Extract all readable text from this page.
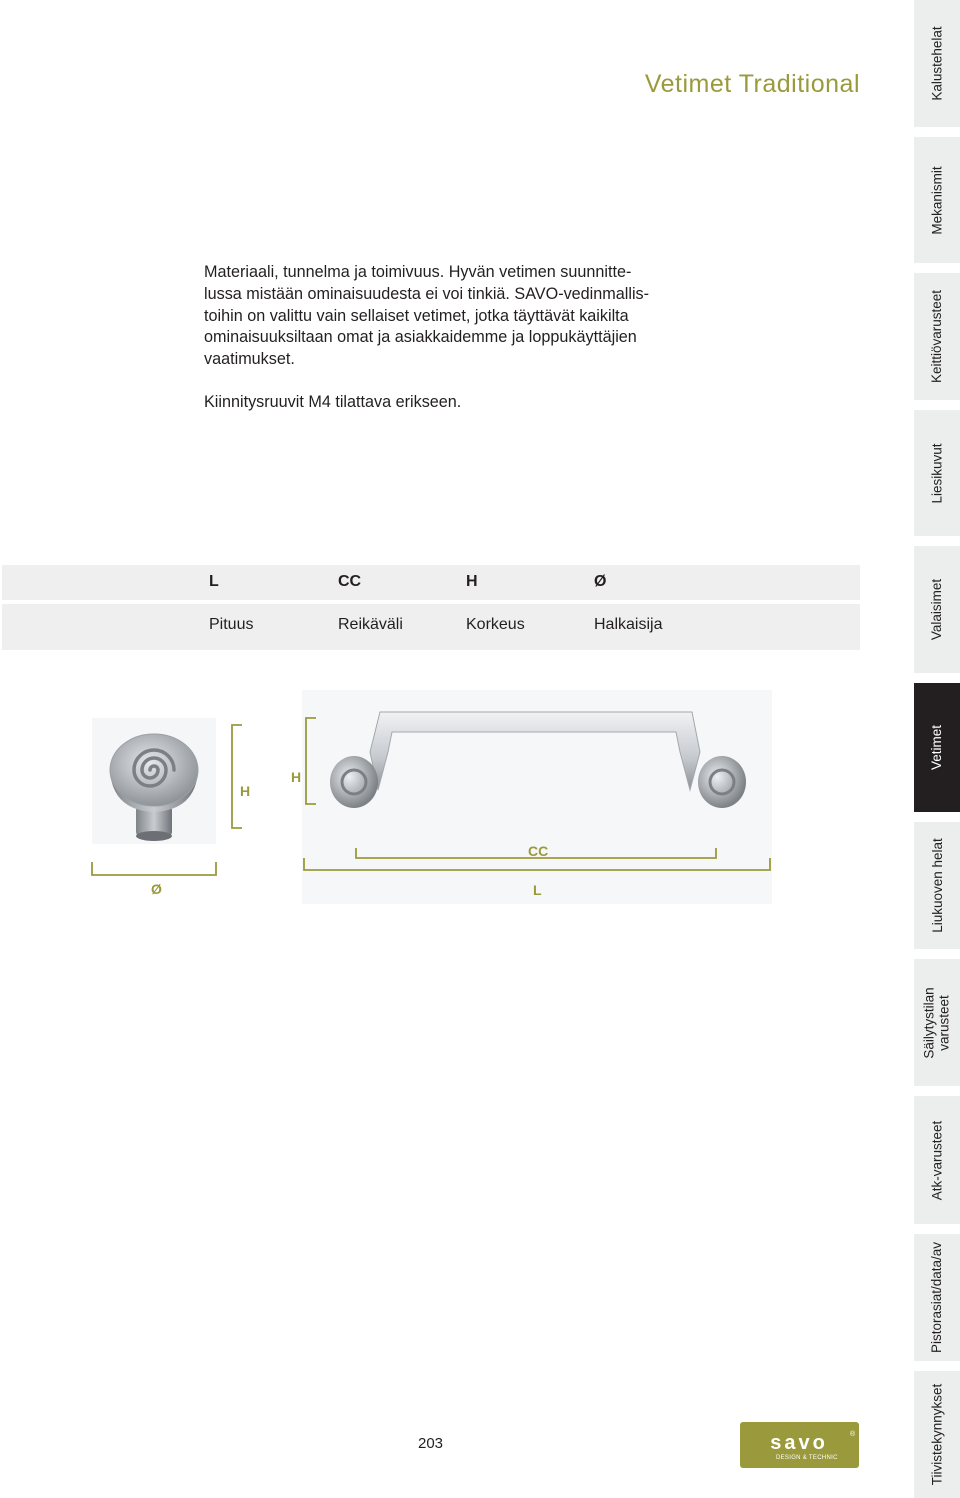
Vetimet Traditional

Materiaali, tunnelma ja toimivuus. Hyvän vetimen suunnitte-
lussa mistään ominaisuudesta ei voi tinkiä. SAVO-vedinmallis-
toihin on valittu vain sellaiset vetimet, jotka täyttävät kaikilta
ominaisuuksiltaan omat ja asiakkaidemme ja loppukäyttäjien
vaatimukset.

Kiinnitysruuvit M4 tilattava erikseen.

L	CC	H	Ø
Pituus	Reikäväli	Korkeus	Halkaisija
H
Ø
H
CC
L
Kalustehelat
Mekanismit
Keittiövarusteet
Liesikuvut
Valaisimet
Vetimet
Liukuoven helat
Säilytystilan varusteet
Atk-varusteet
Pistorasiat/data/av
Tiivistekynnykset
203	savo	®
DESIGN & TECHNIC
